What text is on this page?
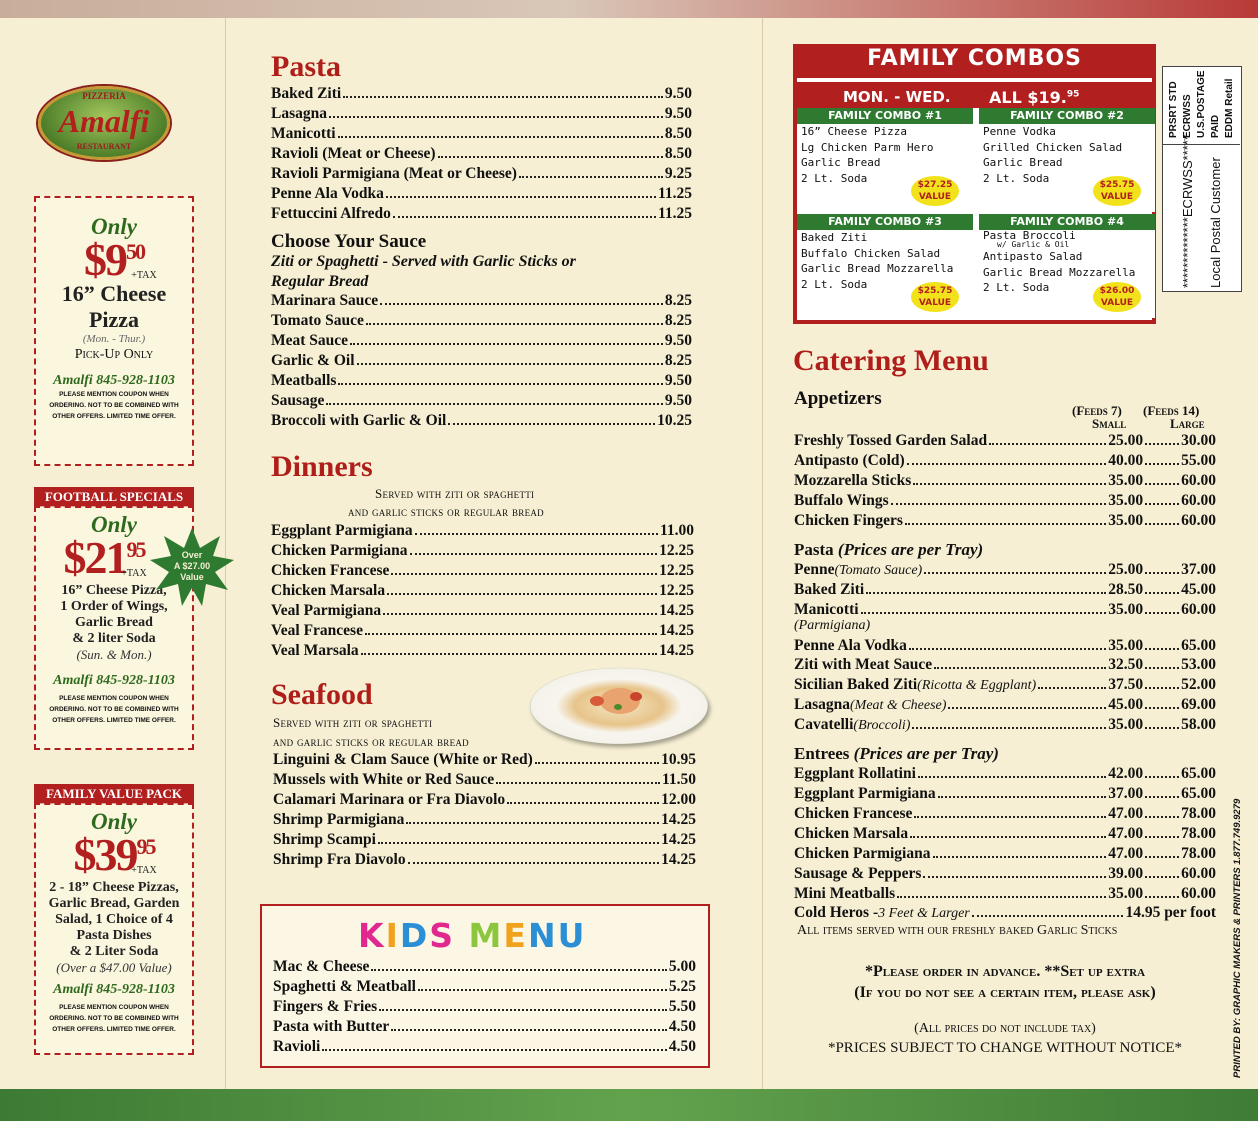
PIZZERIA
Amalfi
RESTAURANT
Only
$950
+TAX
16” Cheese
Pizza
(Mon. - Thur.)
Pick-Up Only
Amalfi 845-928-1103
PLEASE MENTION COUPON WHEN
ORDERING. NOT TO BE COMBINED WITH
OTHER OFFERS. LIMITED TIME OFFER.
FOOTBALL SPECIALS
Only
$2195
+TAX
16” Cheese Pizza,
1 Order of Wings,
Garlic Bread
& 2 liter Soda
(Sun. & Mon.)
Amalfi 845-928-1103
PLEASE MENTION COUPON WHEN
ORDERING. NOT TO BE COMBINED WITH
OTHER OFFERS. LIMITED TIME OFFER.
Over
A $27.00
Value
FAMILY VALUE PACK
Only
$3995
+TAX
2 - 18” Cheese Pizzas,
Garlic Bread, Garden
Salad, 1 Choice of 4
Pasta Dishes
& 2 Liter Soda
(Over a $47.00 Value)
Amalfi 845-928-1103
PLEASE MENTION COUPON WHEN
ORDERING. NOT TO BE COMBINED WITH
OTHER OFFERS. LIMITED TIME OFFER.
Pasta
Choose Your Sauce
Ziti or Spaghetti - Served with Garlic Sticks or
Regular Bread
Dinners
Served with ziti or spaghetti
and garlic sticks or regular bread
Seafood
Served with ziti or spaghetti
and garlic sticks or regular bread
KIDS MENU
FAMILY COMBOS
MON. - WED. ALL $19.95	PRSRT STD ECRWSS U.S.POSTAGE PAID EDDM Retail
**************ECRWSS***** Local Postal Customer
PRINTED BY: GRAPHIC MAKERS & PRINTERS 1.877.749.9279
Catering Menu
Appetizers
(Feeds 7) (Feeds 14)
Small	Large
Pasta (Prices are per Tray)
(Parmigiana)
Entrees (Prices are per Tray)
All items served with our freshly baked Garlic Sticks
*Please order in advance. **Set up extra
(If you do not see a certain item, please ask)
(All prices do not include tax)
*PRICES SUBJECT TO CHANGE WITHOUT NOTICE*
Baked Ziti	9.50
Lasagna	9.50
Manicotti	8.50
Ravioli (Meat or Cheese)	8.50
Ravioli Parmigiana (Meat or Cheese)	9.25
Penne Ala Vodka	11.25
Fettuccini Alfredo	11.25
Marinara Sauce	8.25
Tomato Sauce	8.25
Meat Sauce	9.50
Garlic & Oil	8.25
Meatballs	9.50
Sausage	9.50
Broccoli with Garlic & Oil	10.25
Eggplant Parmigiana	11.00
Chicken Parmigiana	12.25
Chicken Francese	12.25
Chicken Marsala	12.25
Veal Parmigiana	14.25
Veal Francese	14.25
Veal Marsala	14.25
Linguini & Clam Sauce (White or Red)	10.95
Mussels with White or Red Sauce	11.50
Calamari Marinara or Fra Diavolo	12.00
Shrimp Parmigiana	14.25
Shrimp Scampi	14.25
Shrimp Fra Diavolo	14.25
Mac & Cheese	5.00
Spaghetti & Meatball	5.25
Fingers & Fries	5.50
Pasta with Butter	4.50
Ravioli	4.50
FAMILY COMBO #1
16” Cheese Pizza
Lg Chicken Parm Hero
Garlic Bread
2 Lt. Soda
$27.25
VALUE
FAMILY COMBO #2
Penne Vodka
Grilled Chicken Salad
Garlic Bread
2 Lt. Soda
$25.75
VALUE
FAMILY COMBO #3
Baked Ziti
Buffalo Chicken Salad
Garlic Bread Mozzarella
2 Lt. Soda
$25.75
VALUE
FAMILY COMBO #4
Pasta Broccoli
w/ Garlic & Oil
Antipasto Salad
Garlic Bread Mozzarella
2 Lt. Soda	$26.00
VALUE
Freshly Tossed Garden Salad	25.00 30.00
Antipasto (Cold)	40.00 55.00
Mozzarella Sticks	35.00 60.00
Buffalo Wings	35.00 60.00
Chicken Fingers	35.00 60.00
Penne (Tomato Sauce)	25.00 37.00
Baked Ziti	28.50 45.00
Manicotti	35.00 60.00
Penne Ala Vodka	35.00 65.00
Ziti with Meat Sauce	32.50 53.00
Sicilian Baked Ziti (Ricotta & Eggplant)	37.50 52.00
Lasagna (Meat & Cheese)	45.00 69.00
Cavatelli (Broccoli)	35.00 58.00
Eggplant Rollatini	42.00 65.00
Eggplant Parmigiana	37.00 65.00
Chicken Francese	47.00 78.00
Chicken Marsala	47.00 78.00
Chicken Parmigiana	47.00 78.00
Sausage & Peppers	39.00 60.00
Mini Meatballs	35.00 60.00
Cold Heros - 3 Feet & Larger	14.95 per foot
